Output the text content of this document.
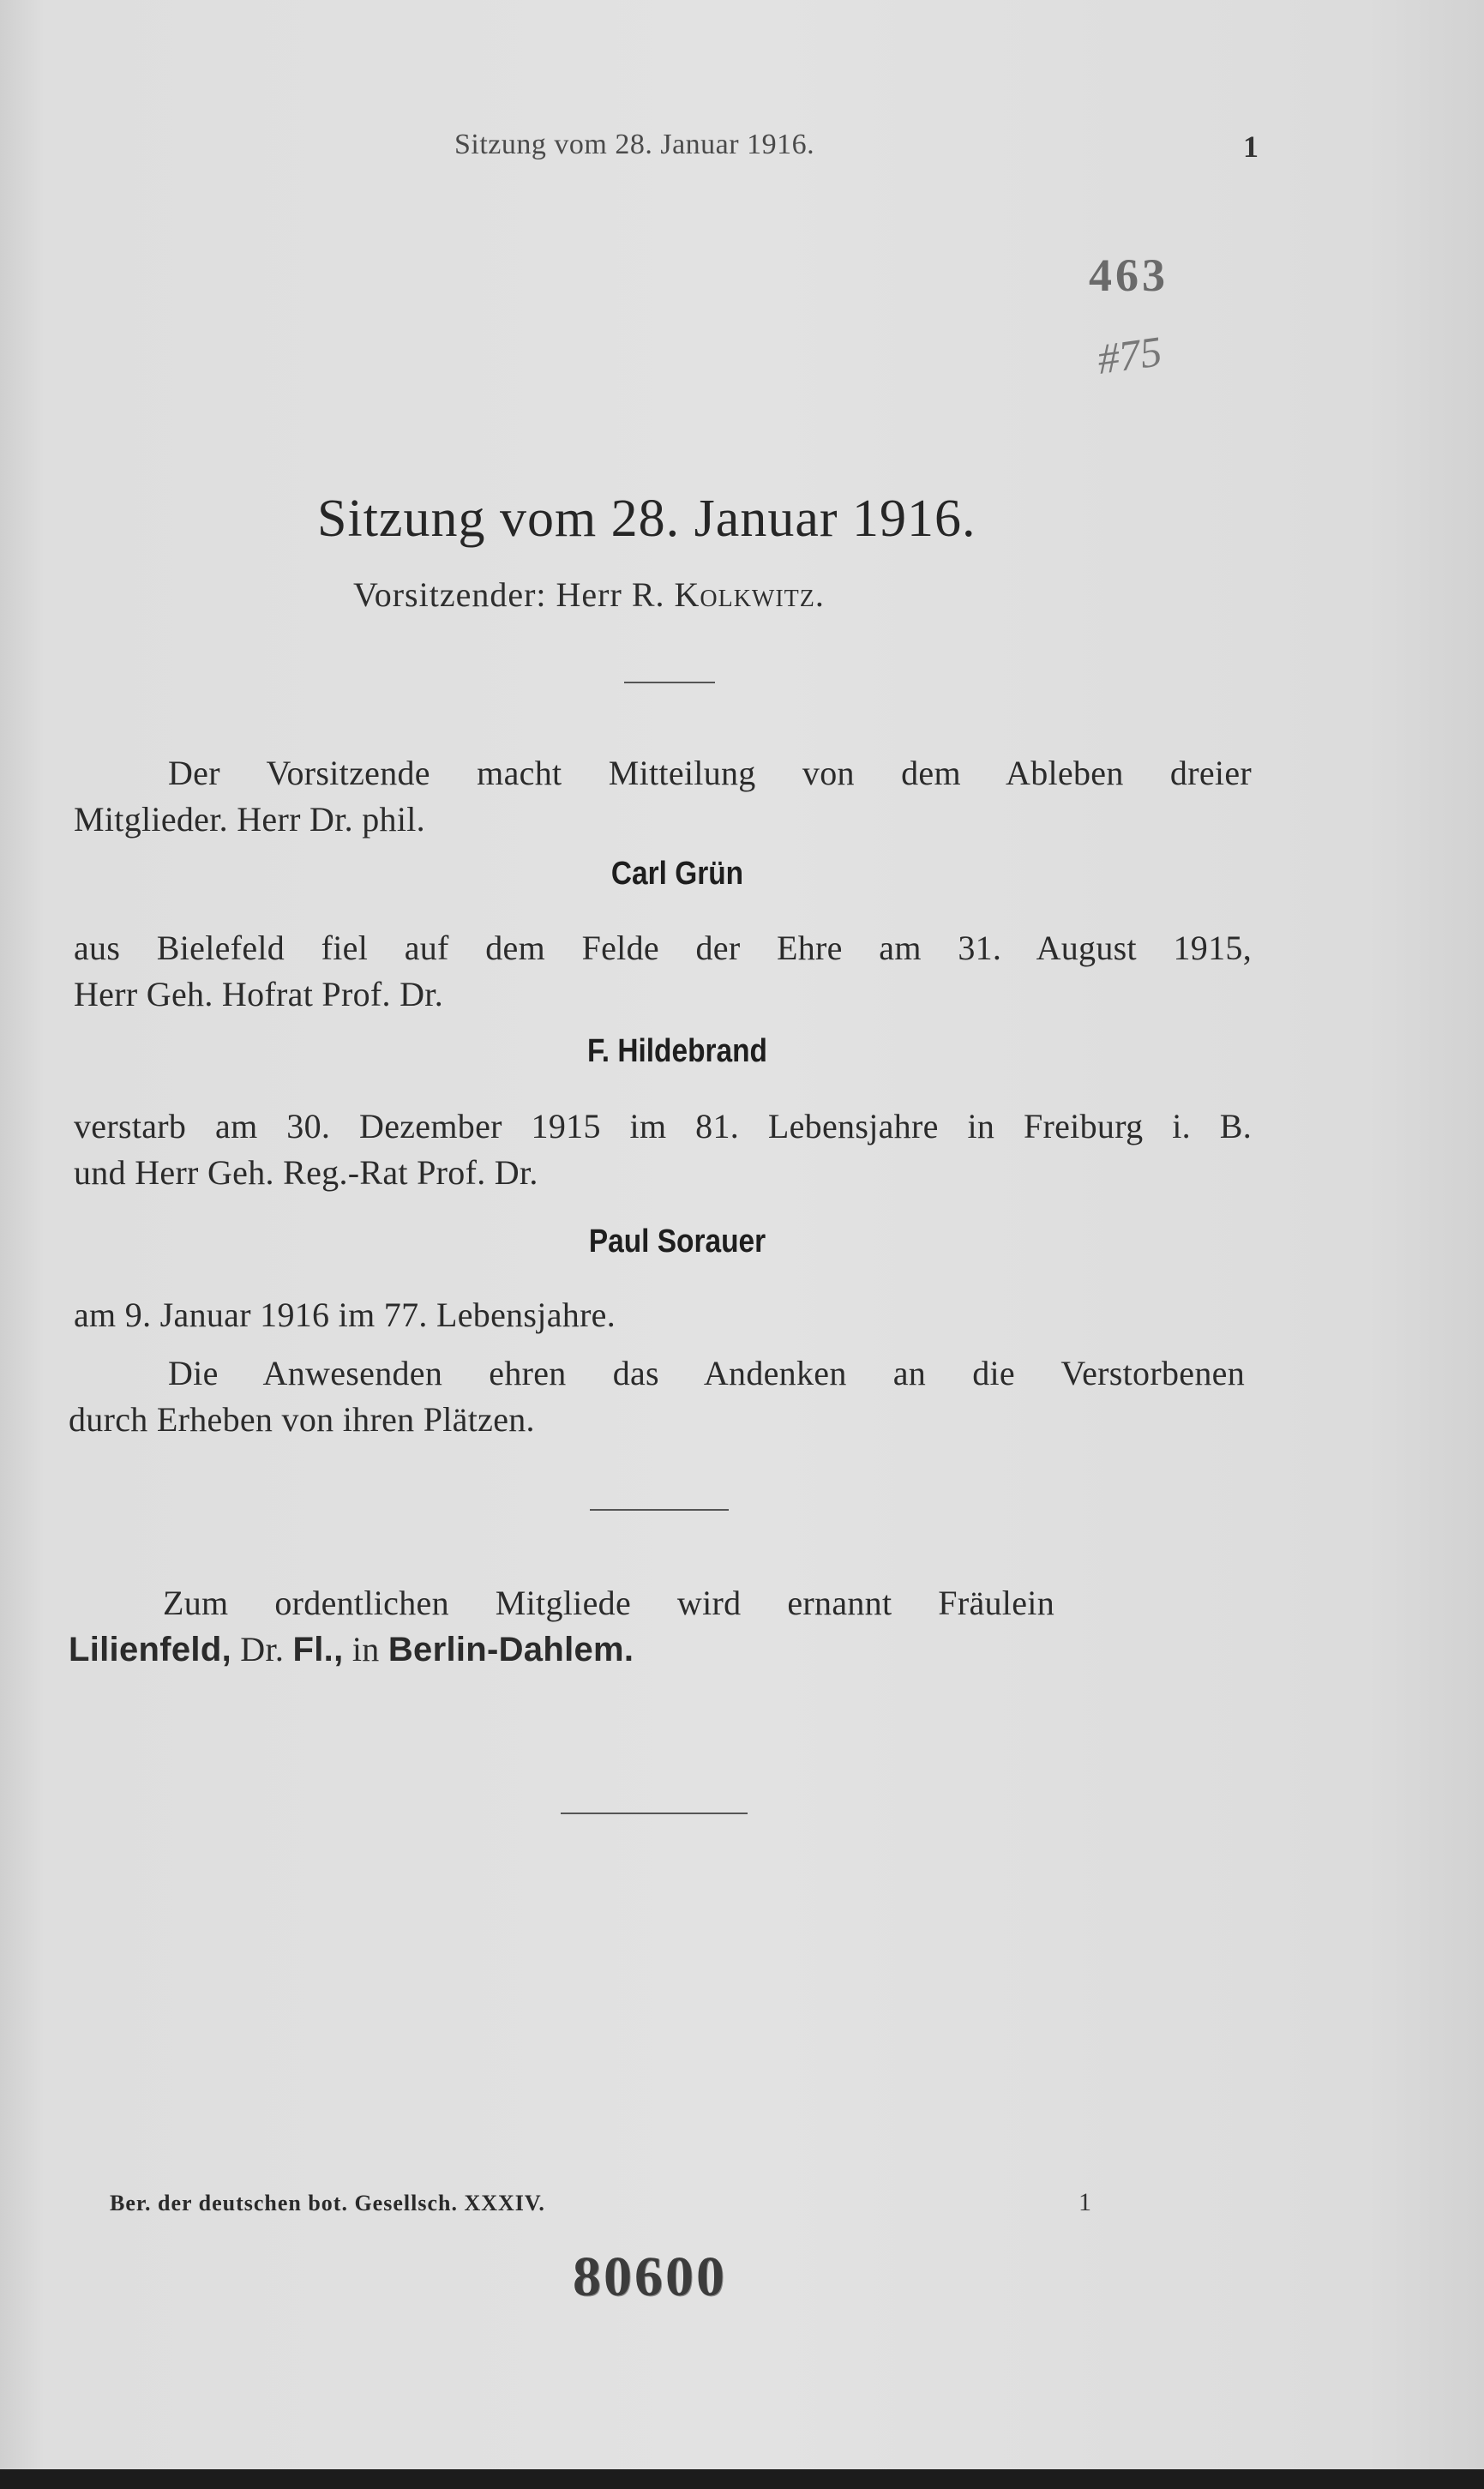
Sitzung vom 28. Januar 1916.	1

463

#75

Sitzung vom 28. Januar 1916.

Vorsitzender: Herr R. Kolkwitz.

Der Vorsitzende macht Mitteilung von dem Ableben dreier

Mitglieder. Herr Dr. phil.

Carl Grün

aus Bielefeld fiel auf dem Felde der Ehre am 31. August 1915,

Herr Geh. Hofrat Prof. Dr.

F. Hildebrand

verstarb am 30. Dezember 1915 im 81. Lebensjahre in Freiburg i. B.

und Herr Geh. Reg.-Rat Prof. Dr.

Paul Sorauer

am 9. Januar 1916 im 77. Lebensjahre.

Die Anwesenden ehren das Andenken an die Verstorbenen

durch Erheben von ihren Plätzen.

Zum ordentlichen Mitgliede wird ernannt Fräulein

Lilienfeld, Dr. Fl., in Berlin-Dahlem.

Ber. der deutschen bot. Gesellsch. XXXIV.	1

80600
